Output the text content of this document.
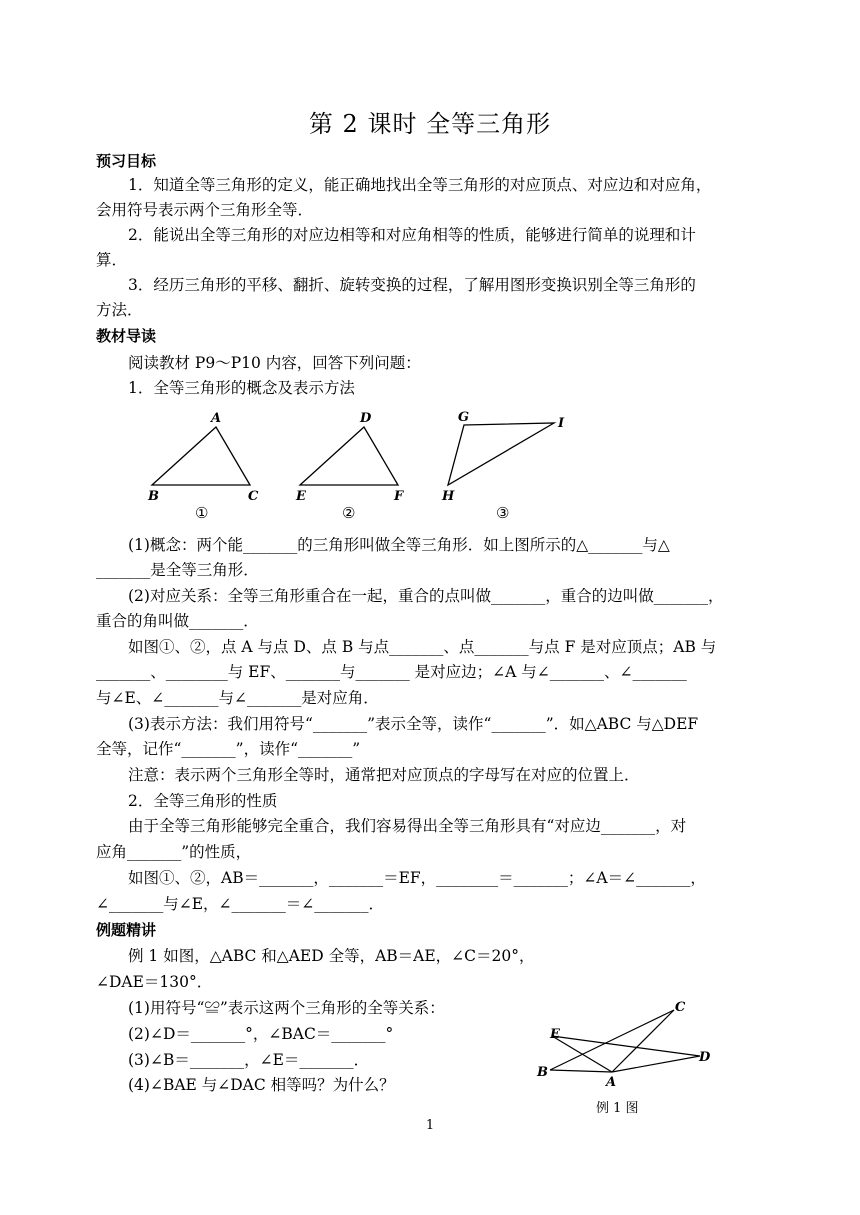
第 2 课时 全等三角形
预习目标
1．知道全等三角形的定义，能正确地找出全等三角形的对应顶点、对应边和对应角，
会用符号表示两个三角形全等．
2．能说出全等三角形的对应边相等和对应角相等的性质，能够进行简单的说理和计
算．
3．经历三角形的平移、翻折、旋转变换的过程，了解用图形变换识别全等三角形的
方法．
教材导读
阅读教材 P9～P10 内容，回答下列问题：
1．全等三角形的概念及表示方法
A
B	C
①
D
E	F
②
G	I
H
③
(1)概念：两个能_______的三角形叫做全等三角形．如上图所示的△_______与△
_______是全等三角形．
(2)对应关系：全等三角形重合在一起，重合的点叫做_______，重合的边叫做_______，
重合的角叫做_______．
如图①、②，点 A 与点 D、点 B 与点_______、点_______与点 F 是对应顶点；AB 与
_______、________与 EF、_______与_______ 是对应边；∠A 与∠_______、∠_______
与∠E、∠_______与∠_______是对应角．
(3)表示方法：我们用符号“_______”表示全等，读作“_______”．如△ABC 与△DEF
全等，记作“_______”，读作“_______”
注意：表示两个三角形全等时，通常把对应顶点的字母写在对应的位置上．
2．全等三角形的性质
由于全等三角形能够完全重合，我们容易得出全等三角形具有“对应边_______，对
应角_______”的性质，
如图①、②，AB＝_______，_______＝EF，________＝_______；∠A＝∠_______，
∠_______与∠E，∠_______＝∠_______．
例题精讲
例 1 如图，△ABC 和△AED 全等，AB＝AE，∠C＝20°，
∠DAE＝130°．
(1)用符号“≌”表示这两个三角形的全等关系：
(2)∠D＝_______°，∠BAC＝_______°
(3)∠B＝_______，∠E＝_______．
(4)∠BAE 与∠DAC 相等吗？为什么？
C
E
D
B
A
例 1 图
1
